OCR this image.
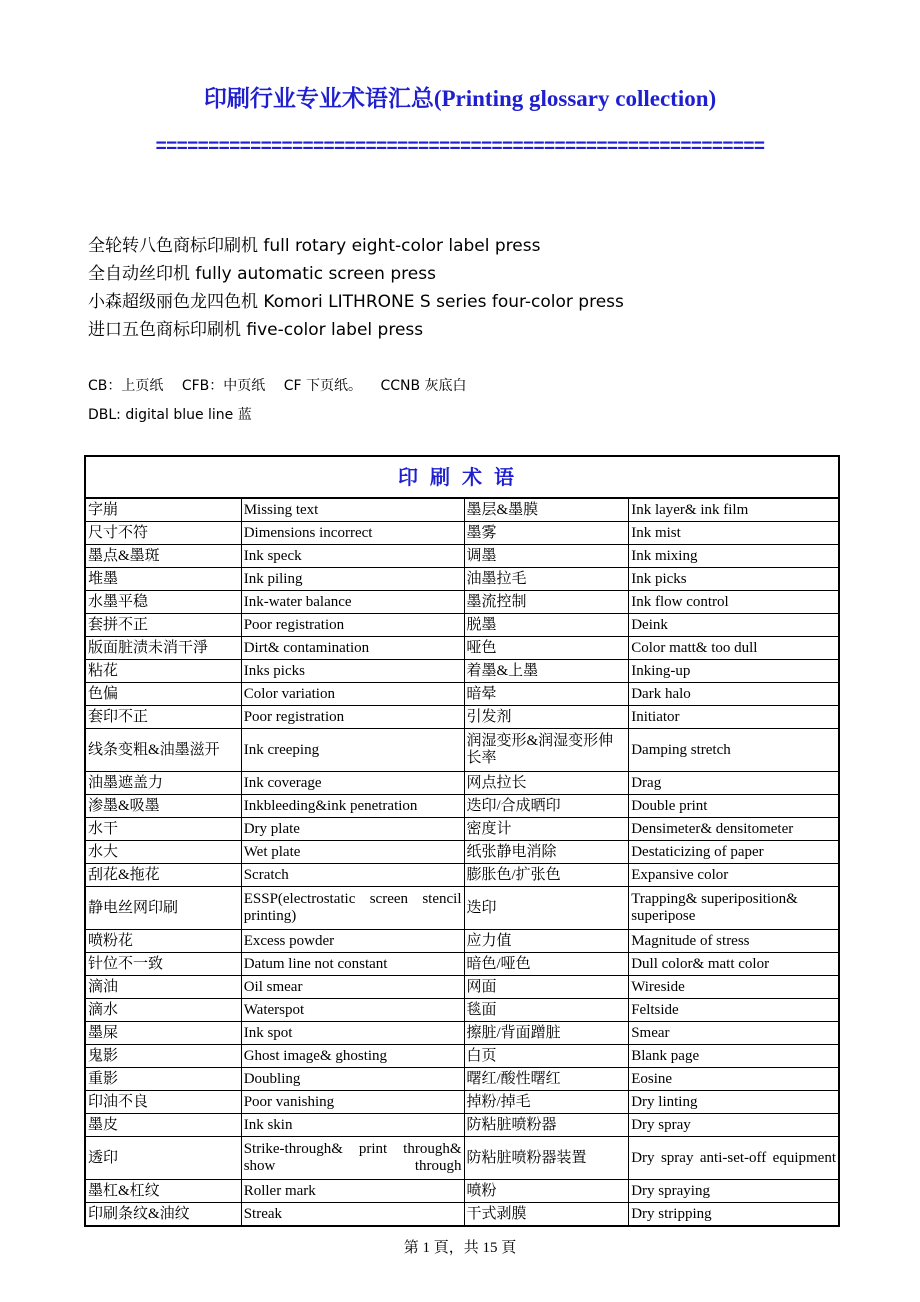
印刷行业专业术语汇总(Printing glossary collection)
==========================================================
全轮转八色商标印刷机 full rotary eight-color label press
全自动丝印机 fully automatic screen press
小森超级丽色龙四色机 Komori LITHRONE S series four-color press
进口五色商标印刷机 five-color label press
CB：上页纸 CFB：中页纸 CF 下页纸。 CCNB 灰底白
DBL: digital blue line 蓝
印刷术语			
字崩	Missing text	墨层&墨膜	Ink layer& ink film
尺寸不符	Dimensions incorrect	墨雾	Ink mist
墨点&墨斑	Ink speck	调墨	Ink mixing
堆墨	Ink piling	油墨拉毛	Ink picks
水墨平稳	Ink-water balance	墨流控制	Ink flow control
套拼不正	Poor registration	脱墨	Deink
版面脏渍未消干淨	Dirt& contamination	哑色	Color matt& too dull
粘花	Inks picks	着墨&上墨	Inking-up
色偏	Color variation	暗晕	Dark halo
套印不正	Poor registration	引发剂	Initiator
线条变粗&油墨滋开	Ink creeping	润湿变形&润湿变形伸长率	Damping stretch
油墨遮盖力	Ink coverage	网点拉长	Drag
渗墨&吸墨	Inkbleeding&ink penetration	迭印/合成晒印	Double print
水干	Dry plate	密度计	Densimeter& densitometer
水大	Wet plate	纸张静电消除	Destaticizing of paper
刮花&拖花	Scratch	膨胀色/扩张色	Expansive color
静电丝网印刷	ESSP(electrostatic screen stencil printing)	迭印	Trapping& superiposition& superipose
喷粉花	Excess powder	应力值	Magnitude of stress
针位不一致	Datum line not constant	暗色/哑色	Dull color& matt color
滴油	Oil smear	网面	Wireside
滴水	Waterspot	毯面	Feltside
墨屎	Ink spot	擦脏/背面蹭脏	Smear
鬼影	Ghost image& ghosting	白页	Blank page
重影	Doubling	曙红/酸性曙红	Eosine
印油不良	Poor vanishing	掉粉/掉毛	Dry linting
墨皮	Ink skin	防粘脏喷粉器	Dry spray
透印	Strike-through& print through& show through	防粘脏喷粉器装置	Dry spray anti-set-off equipment
墨杠&杠纹	Roller mark	喷粉	Dry spraying
印刷条纹&油纹	Streak	干式剥膜	Dry stripping
第 1 頁，共 15 頁
